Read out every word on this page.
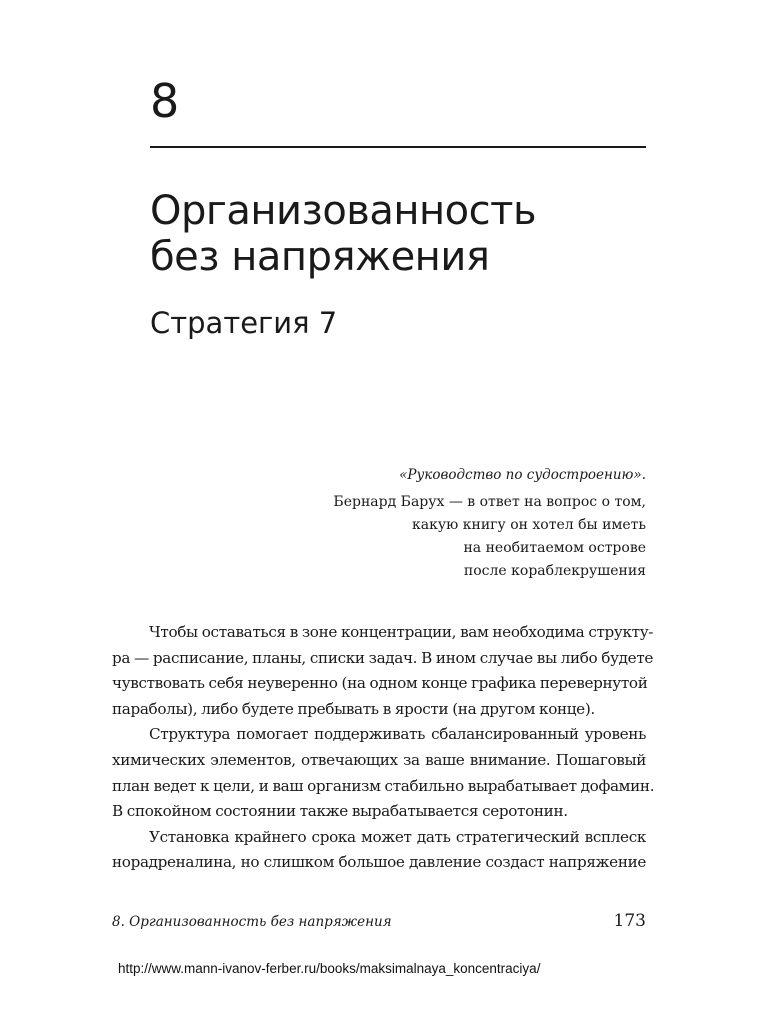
8
Организованность
без напряжения
Стратегия 7
«Руководство по судостроению».
Бернард Барух — в ответ на вопрос о том,
какую книгу он хотел бы иметь
на необитаемом острове
после кораблекрушения
Чтобы оставаться в зоне концентрации, вам необходима структу-
ра — расписание, планы, списки задач. В ином случае вы либо будете
чувствовать себя неуверенно (на одном конце графика перевернутой
параболы), либо будете пребывать в ярости (на другом конце).
Структура помогает поддерживать сбалансированный уровень
химических элементов, отвечающих за ваше внимание. Пошаговый
план ведет к цели, и ваш организм стабильно вырабатывает дофамин.
В спокойном состоянии также вырабатывается серотонин.
Установка крайнего срока может дать стратегический всплеск
норадреналина, но слишком большое давление создаст напряжение
8. Организованность без напряжения	173
http://www.mann-ivanov-ferber.ru/books/maksimalnaya_koncentraciya/
